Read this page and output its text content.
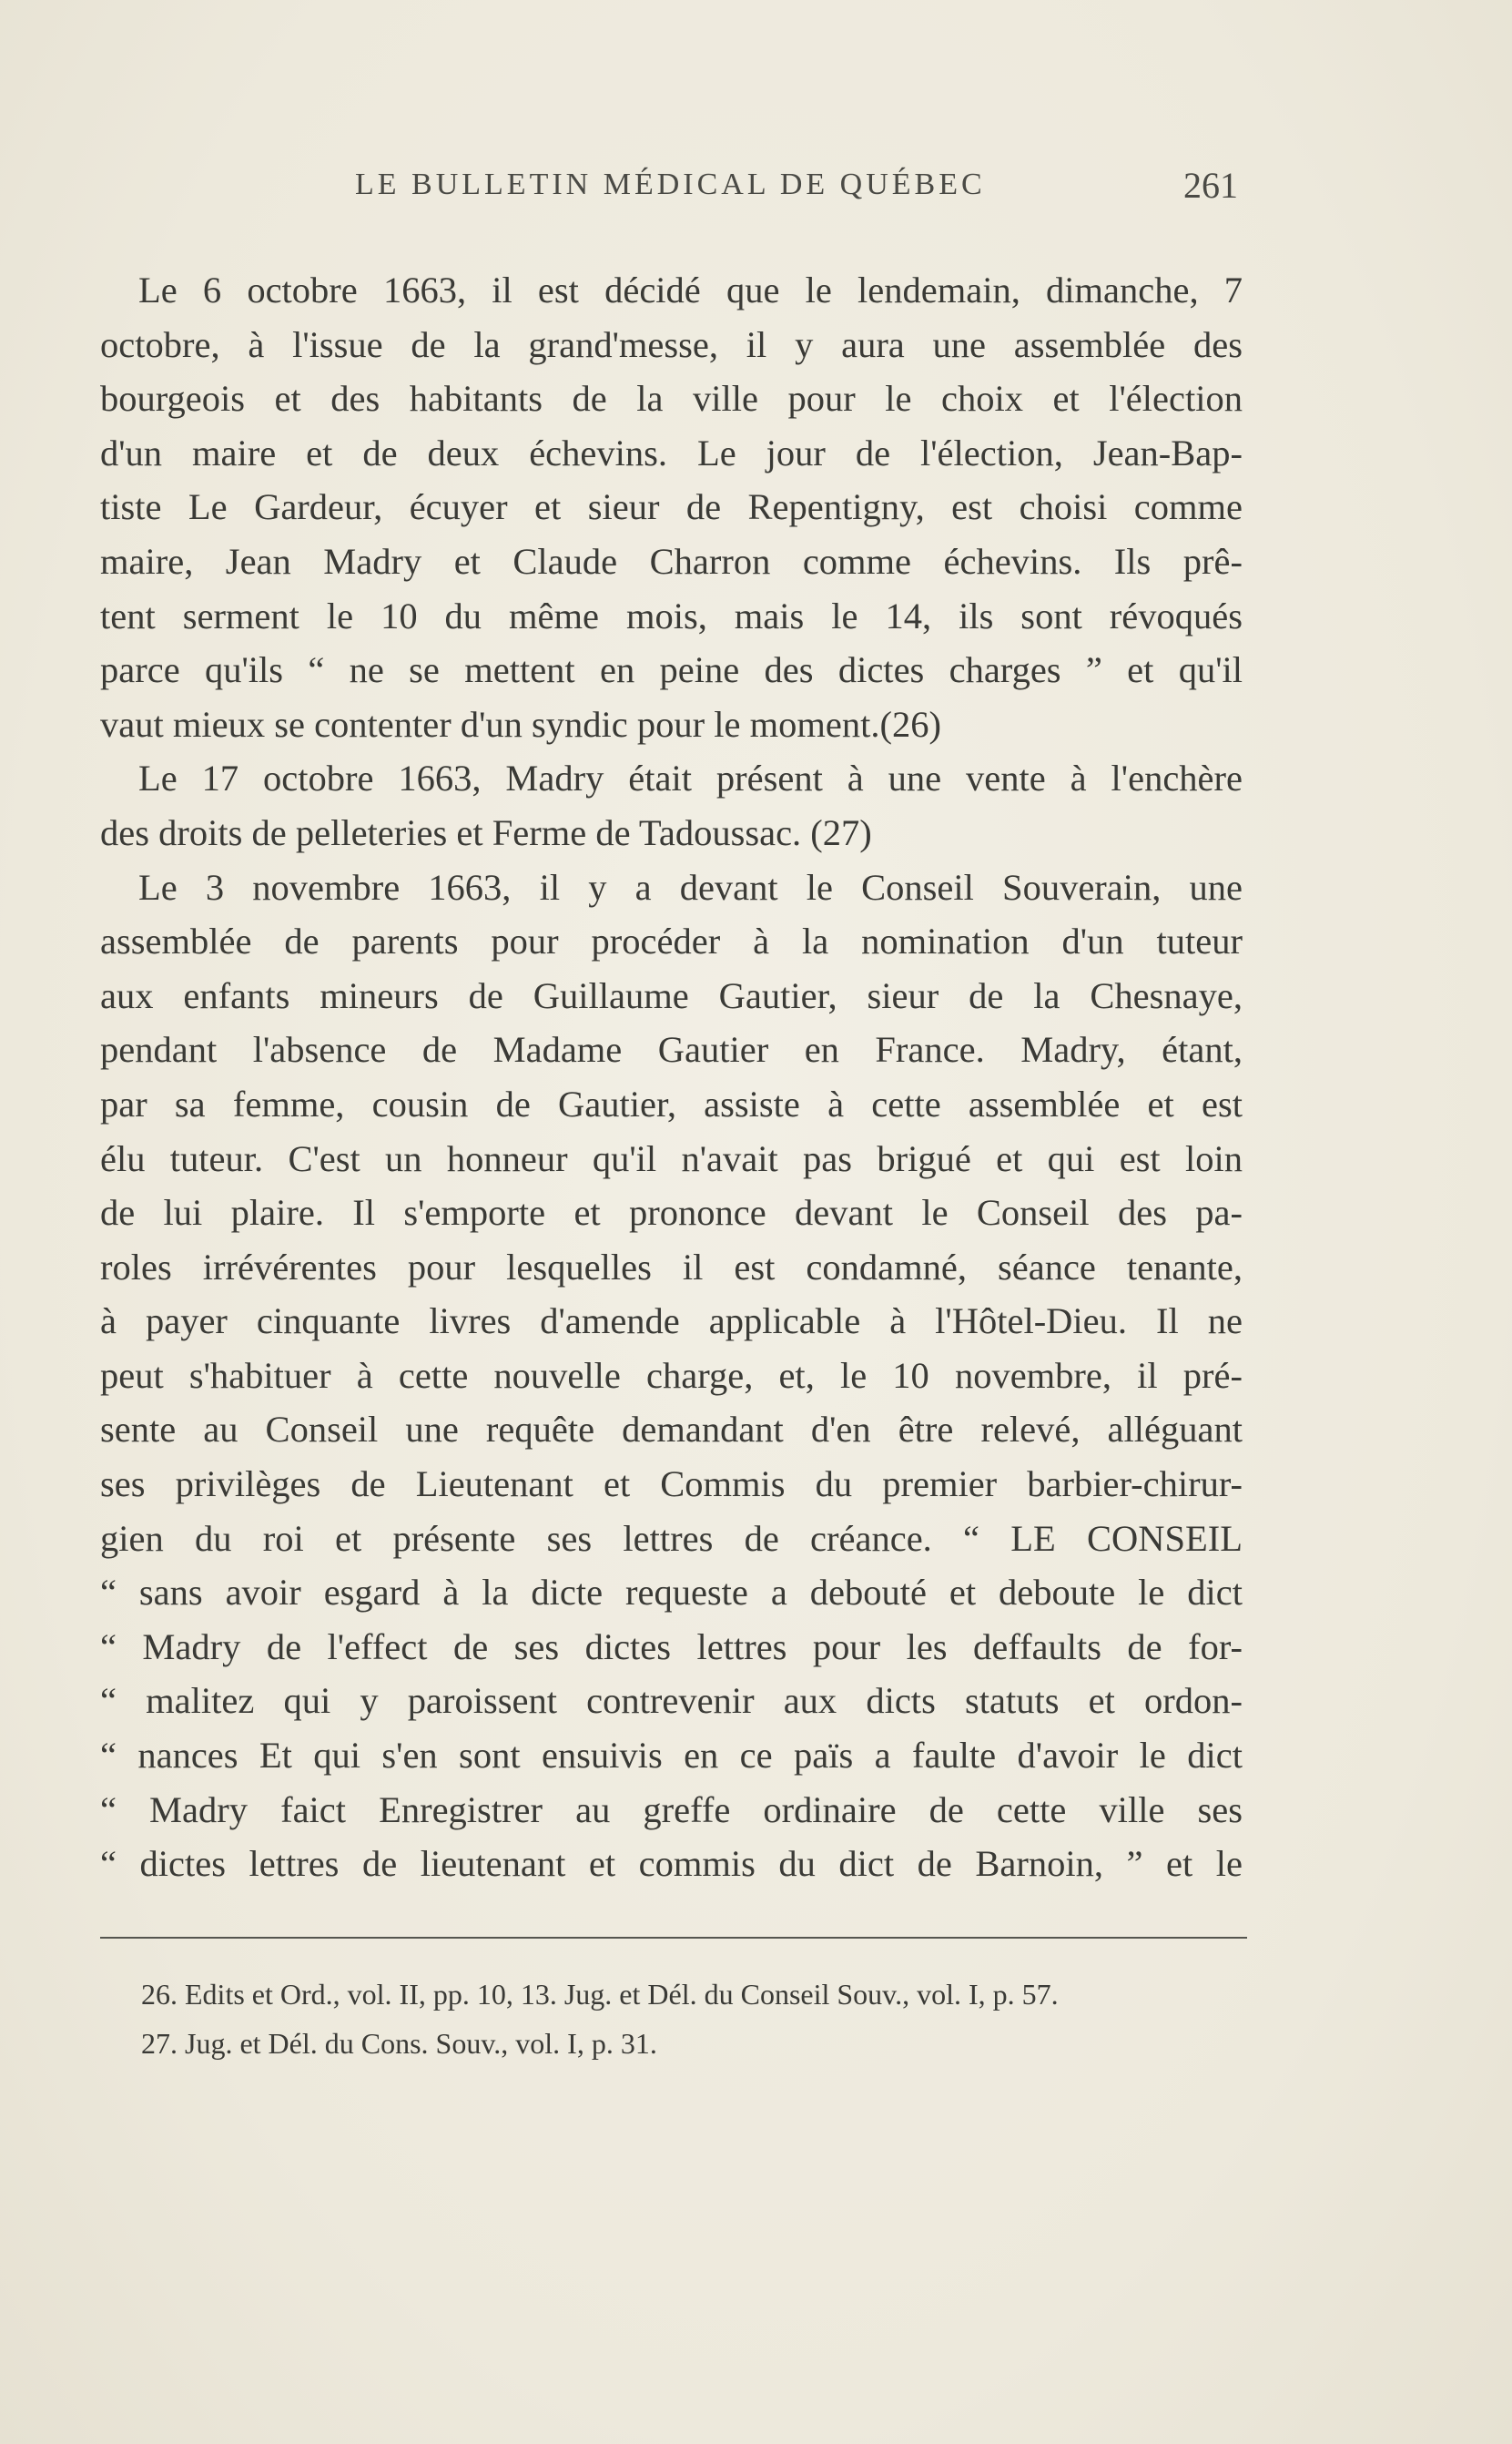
LE BULLETIN MÉDICAL DE QUÉBEC	261
Le 6 octobre 1663, il est décidé que le lendemain, dimanche, 7
octobre, à l'issue de la grand'messe, il y aura une assemblée des
bourgeois et des habitants de la ville pour le choix et l'élection
d'un maire et de deux échevins. Le jour de l'élection, Jean-Bap-
tiste Le Gardeur, écuyer et sieur de Repentigny, est choisi comme
maire, Jean Madry et Claude Charron comme échevins. Ils prê-
tent serment le 10 du même mois, mais le 14, ils sont révoqués
parce qu'ils “ ne se mettent en peine des dictes charges ” et qu'il
vaut mieux se contenter d'un syndic pour le moment.(26)
Le 17 octobre 1663, Madry était présent à une vente à l'enchère
des droits de pelleteries et Ferme de Tadoussac. (27)
Le 3 novembre 1663, il y a devant le Conseil Souverain, une
assemblée de parents pour procéder à la nomination d'un tuteur
aux enfants mineurs de Guillaume Gautier, sieur de la Chesnaye,
pendant l'absence de Madame Gautier en France. Madry, étant,
par sa femme, cousin de Gautier, assiste à cette assemblée et est
élu tuteur. C'est un honneur qu'il n'avait pas brigué et qui est loin
de lui plaire. Il s'emporte et prononce devant le Conseil des pa-
roles irrévérentes pour lesquelles il est condamné, séance tenante,
à payer cinquante livres d'amende applicable à l'Hôtel-Dieu. Il ne
peut s'habituer à cette nouvelle charge, et, le 10 novembre, il pré-
sente au Conseil une requête demandant d'en être relevé, alléguant
ses privilèges de Lieutenant et Commis du premier barbier-chirur-
gien du roi et présente ses lettres de créance. “ LE CONSEIL
“ sans avoir esgard à la dicte requeste a debouté et deboute le dict
“ Madry de l'effect de ses dictes lettres pour les deffaults de for-
“ malitez qui y paroissent contrevenir aux dicts statuts et ordon-
“ nances Et qui s'en sont ensuivis en ce païs a faulte d'avoir le dict
“ Madry faict Enregistrer au greffe ordinaire de cette ville ses
“ dictes lettres de lieutenant et commis du dict de Barnoin, ” et le
26. Edits et Ord., vol. II, pp. 10, 13. Jug. et Dél. du Conseil Souv., vol. I, p. 57.
27. Jug. et Dél. du Cons. Souv., vol. I, p. 31.
